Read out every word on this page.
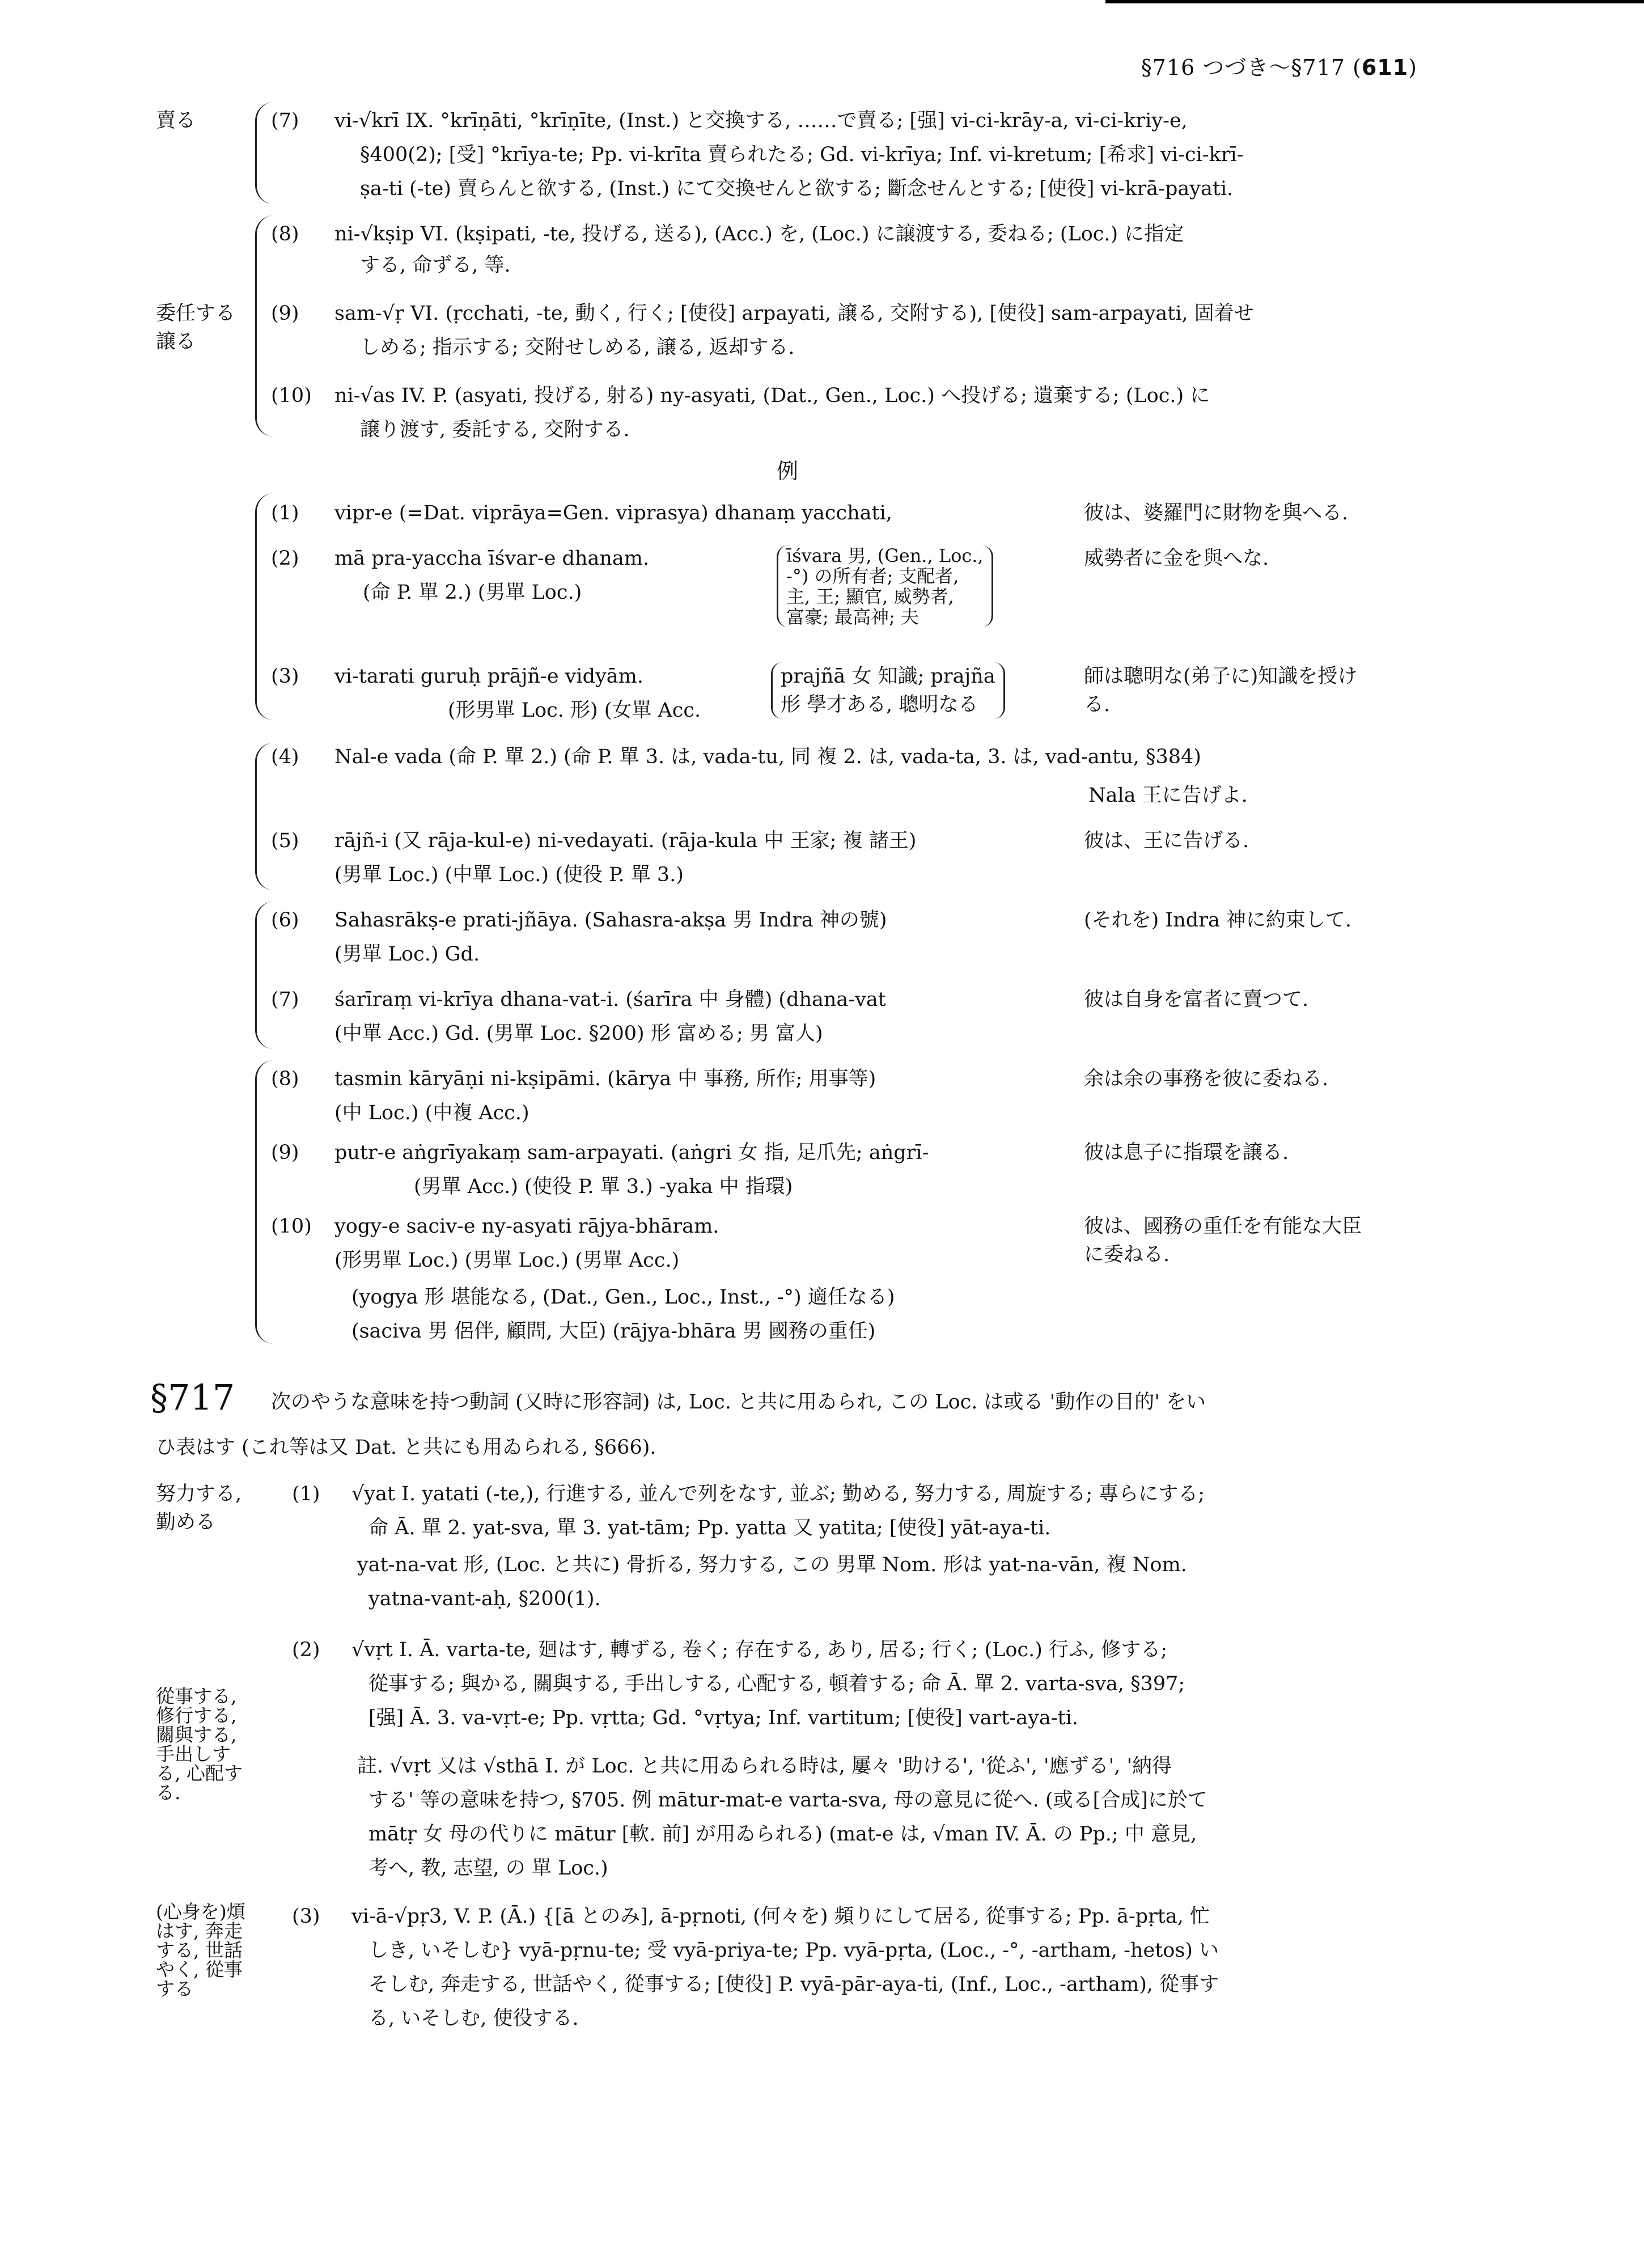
§716 つづき～§717 (611)
賣る
委任する
譲る
(7) vi-√krī IX. °krīṇāti, °krīṇīte, (Inst.) と交換する, ……で賣る; [强] vi-ci-krāy-a, vi-ci-kriy-e,
§400(2); [受] °krīya-te; Pp. vi-krīta 賣られたる; Gd. vi-krīya; Inf. vi-kretum; [希求] vi-ci-krī-
ṣa-ti (-te) 賣らんと欲する, (Inst.) にて交換せんと欲する; 斷念せんとする; [使役] vi-krā-payati.
(8) ni-√kṣip VI. (kṣipati, -te, 投げる, 送る), (Acc.) を, (Loc.) に譲渡する, 委ねる; (Loc.) に指定
する, 命ずる, 等.
(9) sam-√ṛ VI. (ṛcchati, -te, 動く, 行く; [使役] arpayati, 譲る, 交附する), [使役] sam-arpayati, 固着せ
しめる; 指示する; 交附せしめる, 譲る, 返却する.
(10) ni-√as IV. P. (asyati, 投げる, 射る) ny-asyati, (Dat., Gen., Loc.) へ投げる; 遺棄する; (Loc.) に
譲り渡す, 委託する, 交附する.
例
(1) vipr-e (=Dat. viprāya=Gen. viprasya) dhanaṃ yacchati,	彼は、婆羅門に財物を與へる.
(2) mā pra-yaccha īśvar-e dhanam.
(命 P. 單 2.) (男單 Loc.)
īśvara 男, (Gen., Loc.,
-°) の所有者; 支配者,
主, 王; 顯官, 威勢者,
富豪; 最高神; 夫
威勢者に金を與へな.
(3) vi-tarati guruḥ prājñ-e vidyām.
(形男單 Loc. 形) (女單 Acc.
prajñā 女 知識; prajña
形 學才ある, 聰明なる
師は聰明な(弟子に)知識を授け
る.
(4) Nal-e vada (命 P. 單 2.) (命 P. 單 3. は, vada-tu, 同 複 2. は, vada-ta, 3. は, vad-antu, §384)
Nala 王に告げよ.
(5) rājñ-i (又 rāja-kul-e) ni-vedayati. (rāja-kula 中 王家; 複 諸王)
(男單 Loc.) (中單 Loc.) (使役 P. 單 3.)
彼は、王に告げる.
(6) Sahasrākṣ-e prati-jñāya. (Sahasra-akṣa 男 Indra 神の號)
(男單 Loc.) Gd.
(それを) Indra 神に約束して.
(7) śarīraṃ vi-krīya dhana-vat-i. (śarīra 中 身體) (dhana-vat
(中單 Acc.) Gd. (男單 Loc. §200) 形 富める; 男 富人)
彼は自身を富者に賣つて.
(8) tasmin kāryāṇi ni-kṣipāmi. (kārya 中 事務, 所作; 用事等)
(中 Loc.) (中複 Acc.)
余は余の事務を彼に委ねる.
(9) putr-e aṅgrīyakaṃ sam-arpayati. (aṅgri 女 指, 足爪先; aṅgrī-
(男單 Acc.) (使役 P. 單 3.) -yaka 中 指環)
彼は息子に指環を譲る.
(10) yogy-e saciv-e ny-asyati rājya-bhāram.
(形男單 Loc.) (男單 Loc.) (男單 Acc.)
(yogya 形 堪能なる, (Dat., Gen., Loc., Inst., -°) 適任なる)
(saciva 男 侶伴, 顧問, 大臣) (rājya-bhāra 男 國務の重任)
彼は、國務の重任を有能な大臣
に委ねる.
§717 次のやうな意味を持つ動詞 (又時に形容詞) は, Loc. と共に用ゐられ, この Loc. は或る '動作の目的' をい
ひ表はす (これ等は又 Dat. と共にも用ゐられる, §666).
努力する,
勤める
(1) √yat I. yatati (-te,), 行進する, 並んで列をなす, 並ぶ; 勤める, 努力する, 周旋する; 專らにする;
命 Ā. 單 2. yat-sva, 單 3. yat-tām; Pp. yatta 又 yatita; [使役] yāt-aya-ti.
yat-na-vat 形, (Loc. と共に) 骨折る, 努力する, この 男單 Nom. 形は yat-na-vān, 複 Nom.
yatna-vant-aḥ, §200(1).
從事する,
修行する,
關與する,
手出しす
る, 心配す
る.
(2) √vṛt I. Ā. varta-te, 廻はす, 轉ずる, 卷く; 存在する, あり, 居る; 行く; (Loc.) 行ふ, 修する;
從事する; 與かる, 關與する, 手出しする, 心配する, 頓着する; 命 Ā. 單 2. varta-sva, §397;
[强] Ā. 3. va-vṛt-e; Pp. vṛtta; Gd. °vṛtya; Inf. vartitum; [使役] vart-aya-ti.
註. √vṛt 又は √sthā I. が Loc. と共に用ゐられる時は, 屢々 '助ける', '從ふ', '應ずる', '納得
する' 等の意味を持つ, §705. 例 mātur-mat-e varta-sva, 母の意見に從へ. (或る[合成]に於て
mātṛ 女 母の代りに mātur [軟. 前] が用ゐられる) (mat-e は, √man IV. Ā. の Pp.; 中 意見,
考へ, 教, 志望, の 單 Loc.)
(心身を)煩
はす, 奔走
する, 世話
やく, 從事
する
(3) vi-ā-√pṛ3, V. P. (Ā.) {[ā とのみ], ā-pṛnoti, (何々を) 頻りにして居る, 從事する; Pp. ā-pṛta, 忙
しき, いそしむ} vyā-pṛnu-te; 受 vyā-priya-te; Pp. vyā-pṛta, (Loc., -°, -artham, -hetos) い
そしむ, 奔走する, 世話やく, 從事する; [使役] P. vyā-pār-aya-ti, (Inf., Loc., -artham), 從事す
る, いそしむ, 使役する.
